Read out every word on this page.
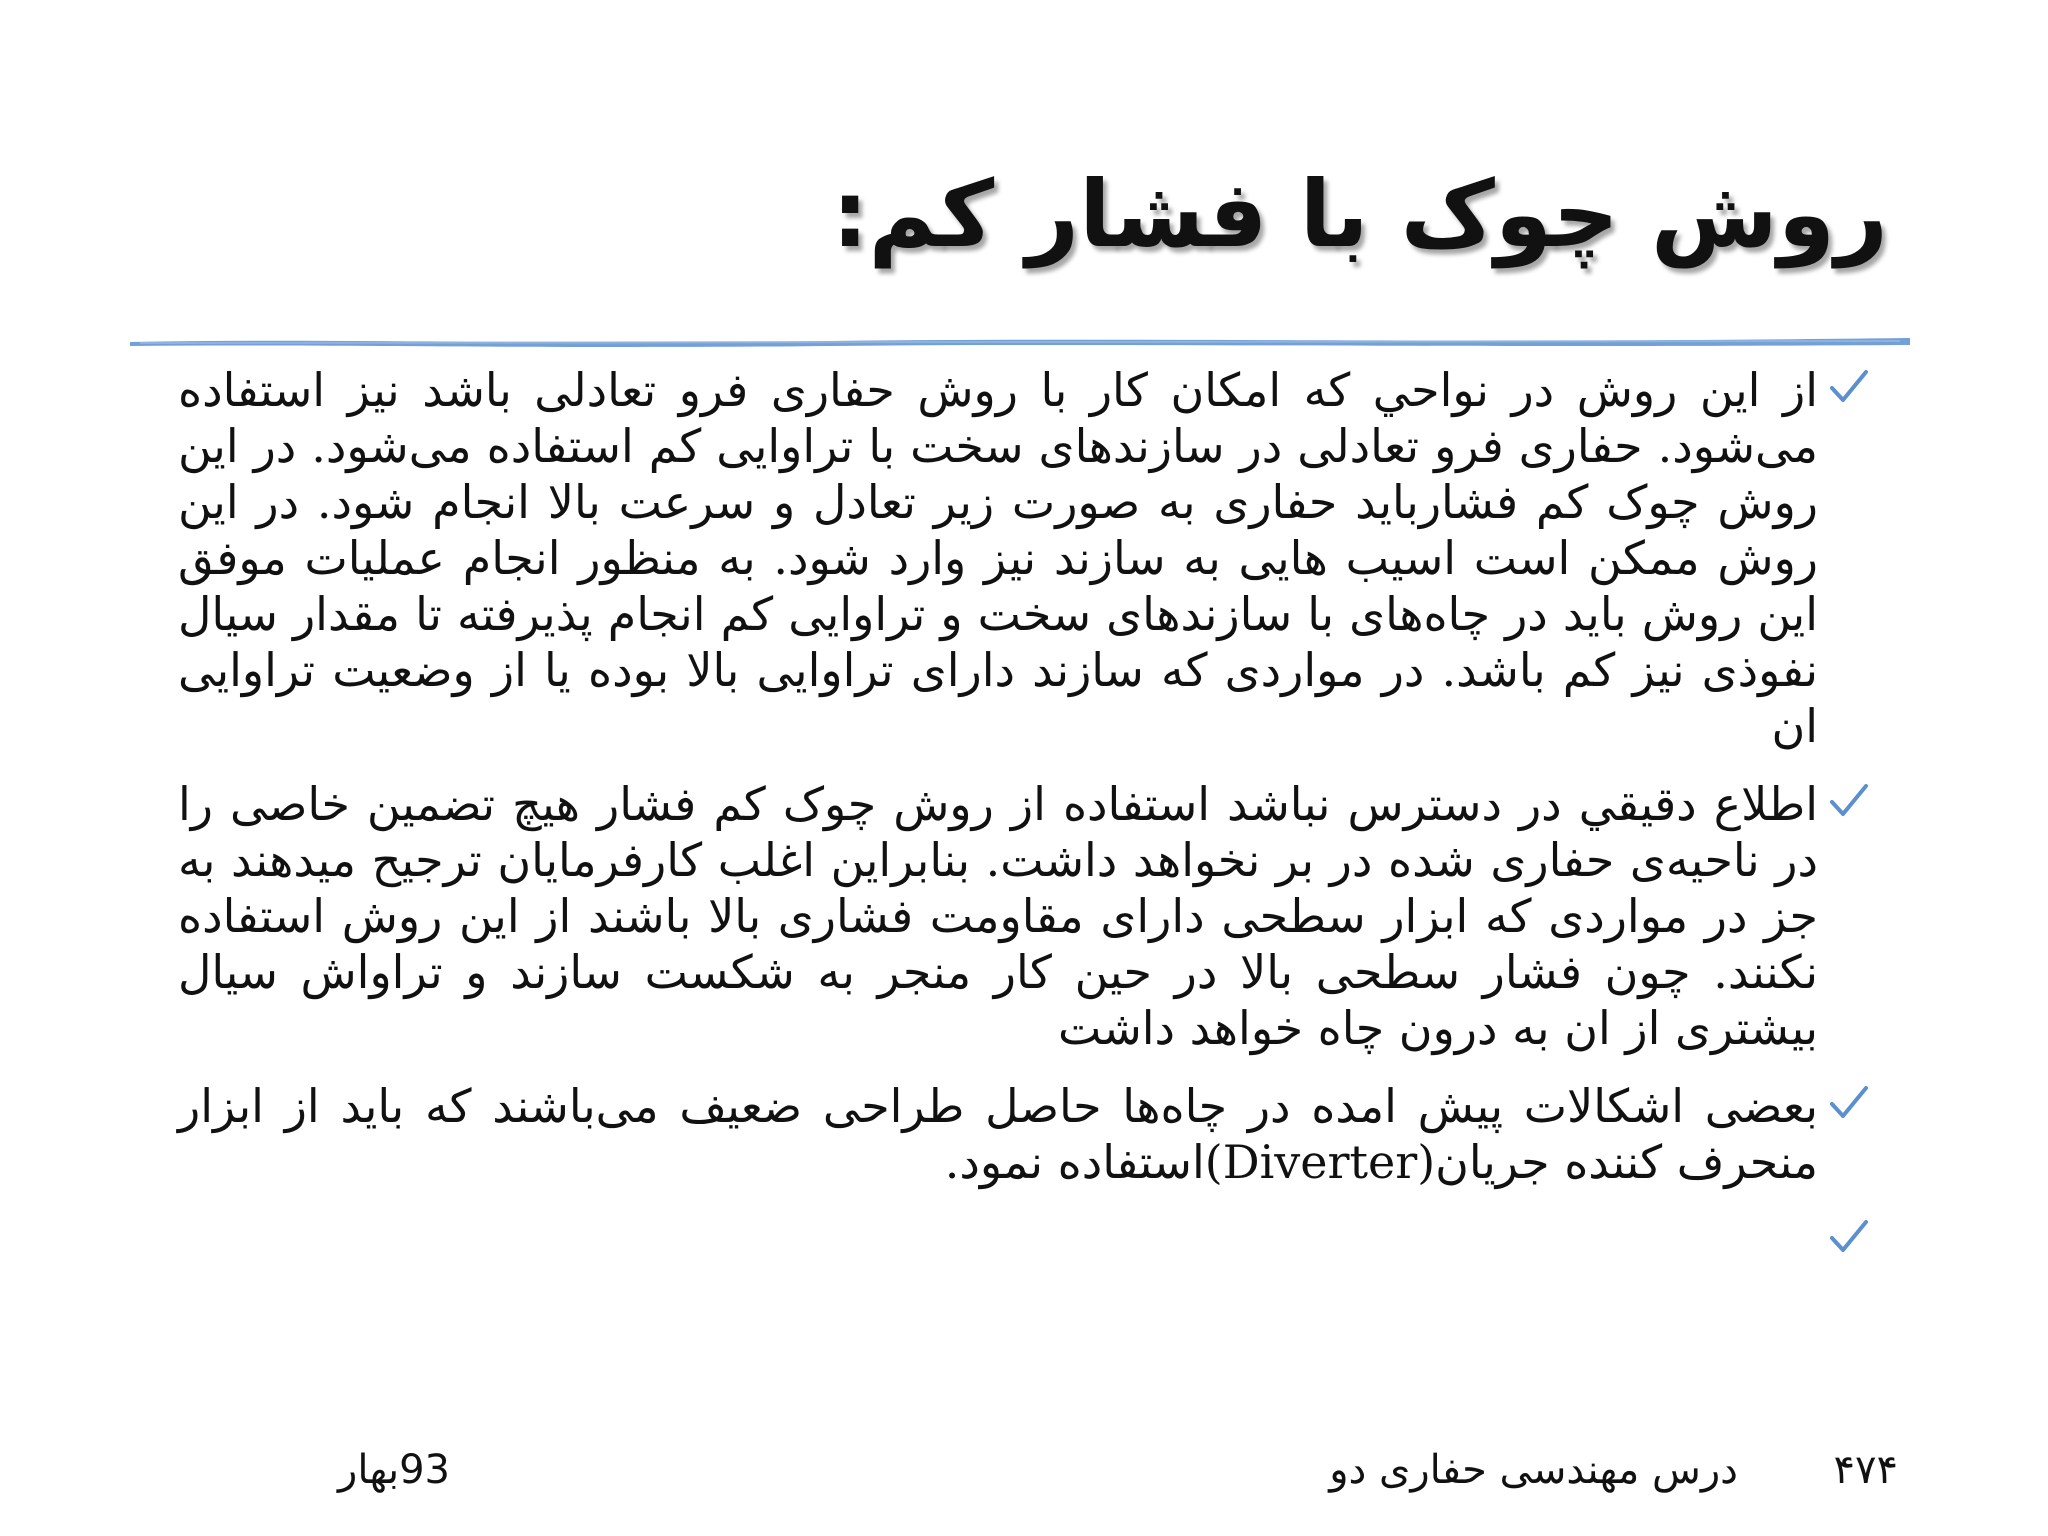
روش چوک با فشار کم:
از این روش در نواحي که امکان کار با روش حفاری فرو تعادلی باشد نیز استفاده می‌شود. حفاری فرو تعادلی در سازندهای سخت با تراوایی کم استفاده می‌شود. در این روش چوک کم فشارباید حفاری به صورت زیر تعادل و سرعت بالا انجام شود. در این روش ممکن است اسیب هایی به سازند نیز وارد شود. به منظور انجام عملیات موفق این روش باید در چاه‌های با سازندهای سخت و تراوایی کم انجام پذیرفته تا مقدار سیال نفوذی نیز کم باشد. در مواردی که سازند دارای تراوایی بالا بوده یا از وضعیت تراوایی ان
اطلاع دقیقي در دسترس نباشد استفاده از روش چوک کم فشار هیچ تضمین خاصی را در ناحیه‌ی حفاری شده در بر نخواهد داشت. بنابراین اغلب کارفرمایان ترجیح میدهند به جز در مواردی که ابزار سطحی دارای مقاومت فشاری بالا باشند از این روش استفاده نکنند. چون فشار سطحی بالا در حین کار منجر به شکست سازند و تراواش سیال بیشتری از ان به درون چاه خواهد داشت
بعضی اشکالات پیش امده در چاه‌ها حاصل طراحی ضعیف می‌باشند که باید از ابزار منحرف کننده جریان(Diverter)استفاده نمود.
۴۷۴
درس مهندسی حفاری دو
93بهار
